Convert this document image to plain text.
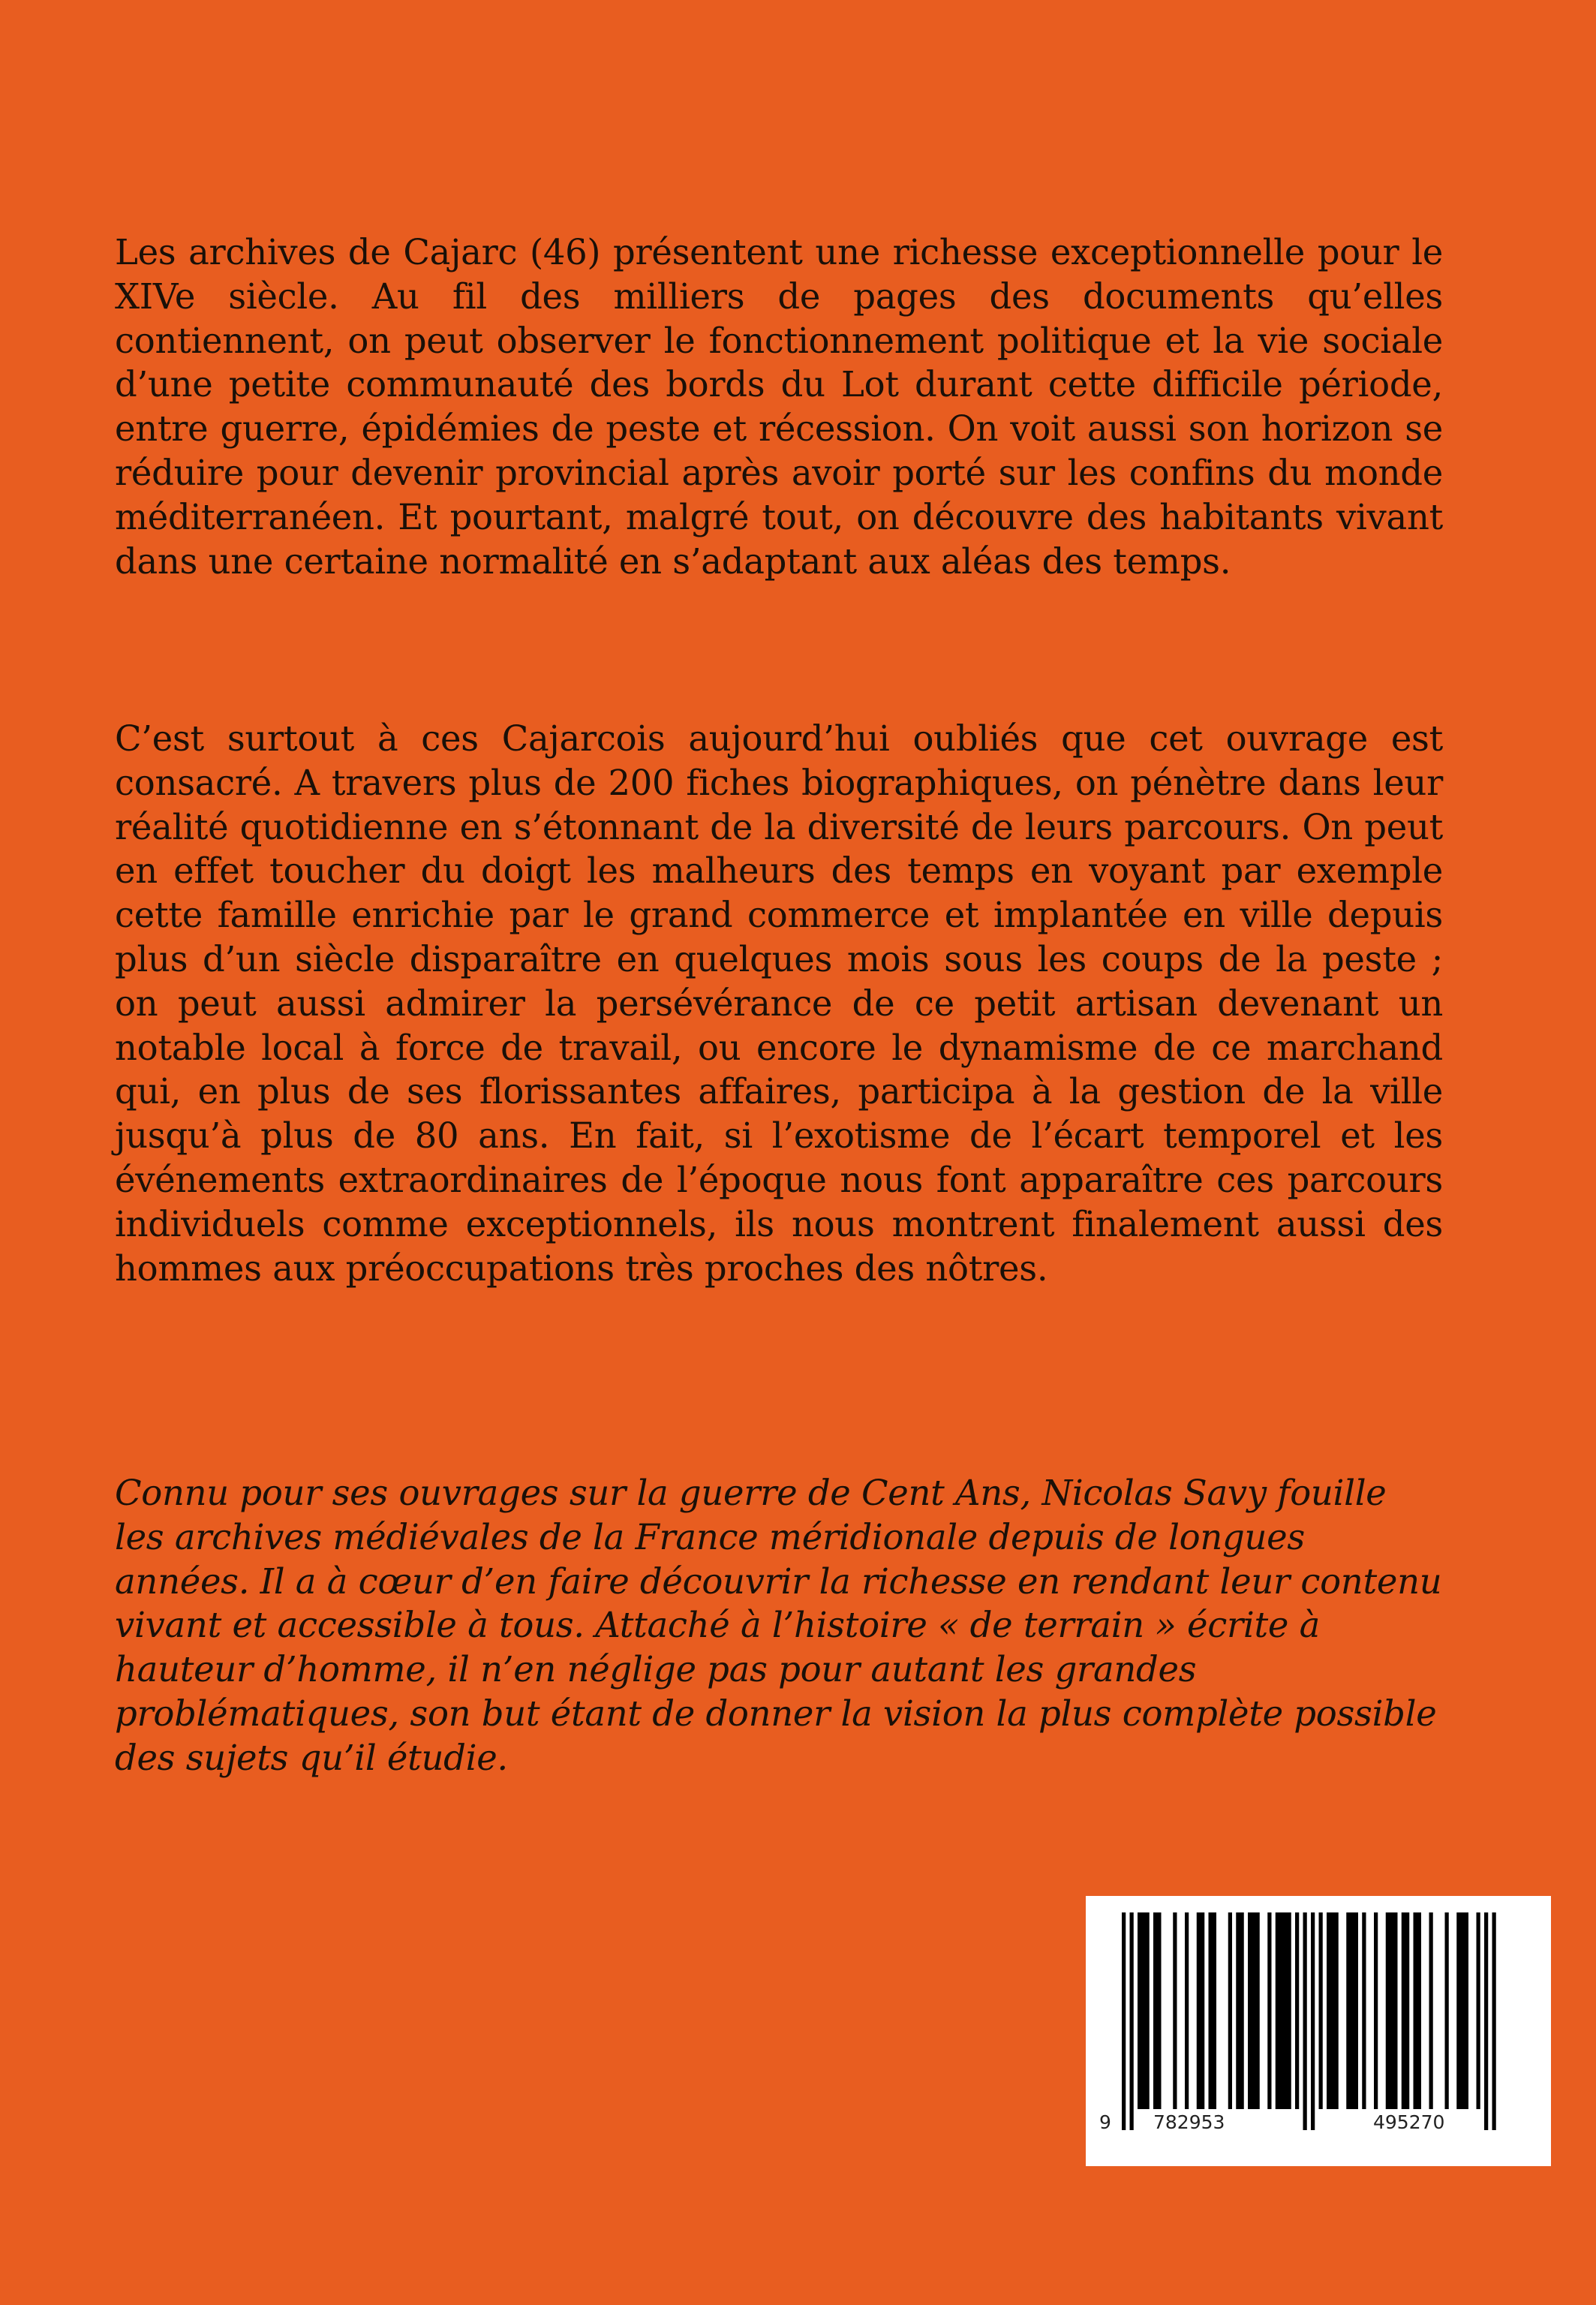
Les archives de Cajarc (46) présentent une richesse exceptionnelle pour le XIVe siècle. Au fil des milliers de pages des documents qu’elles contiennent, on peut observer le fonctionnement politique et la vie sociale d’une petite communauté des bords du Lot durant cette difficile période, entre guerre, épidémies de peste et récession. On voit aussi son horizon se réduire pour devenir provincial après avoir porté sur les confins du monde méditerranéen. Et pourtant, malgré tout, on découvre des habitants vivant dans une certaine normalité en s’adaptant aux aléas des temps.

C’est surtout à ces Cajarcois aujourd’hui oubliés que cet ouvrage est consacré. A travers plus de 200 fiches biographiques, on pénètre dans leur réalité quotidienne en s’étonnant de la diversité de leurs parcours. On peut en effet toucher du doigt les malheurs des temps en voyant par exemple cette famille enrichie par le grand commerce et implantée en ville depuis plus d’un siècle disparaître en quelques mois sous les coups de la peste ; on peut aussi admirer la persévérance de ce petit artisan devenant un notable local à force de travail, ou encore le dynamisme de ce marchand qui, en plus de ses florissantes affaires, participa à la gestion de la ville jusqu’à plus de 80 ans. En fait, si l’exotisme de l’écart temporel et les événements extraordinaires de l’époque nous font apparaître ces parcours individuels comme exceptionnels, ils nous montrent finalement aussi des hommes aux préoccupations très proches des nôtres.

Connu pour ses ouvrages sur la guerre de Cent Ans, Nicolas Savy fouille les archives médiévales de la France méridionale depuis de longues années. Il a à cœur d’en faire découvrir la richesse en rendant leur contenu vivant et accessible à tous. Attaché à l’histoire « de terrain » écrite à hauteur d’homme, il n’en néglige pas pour autant les grandes problématiques, son but étant de donner la vision la plus complète possible des sujets qu’il étudie.

9 782953	495270
